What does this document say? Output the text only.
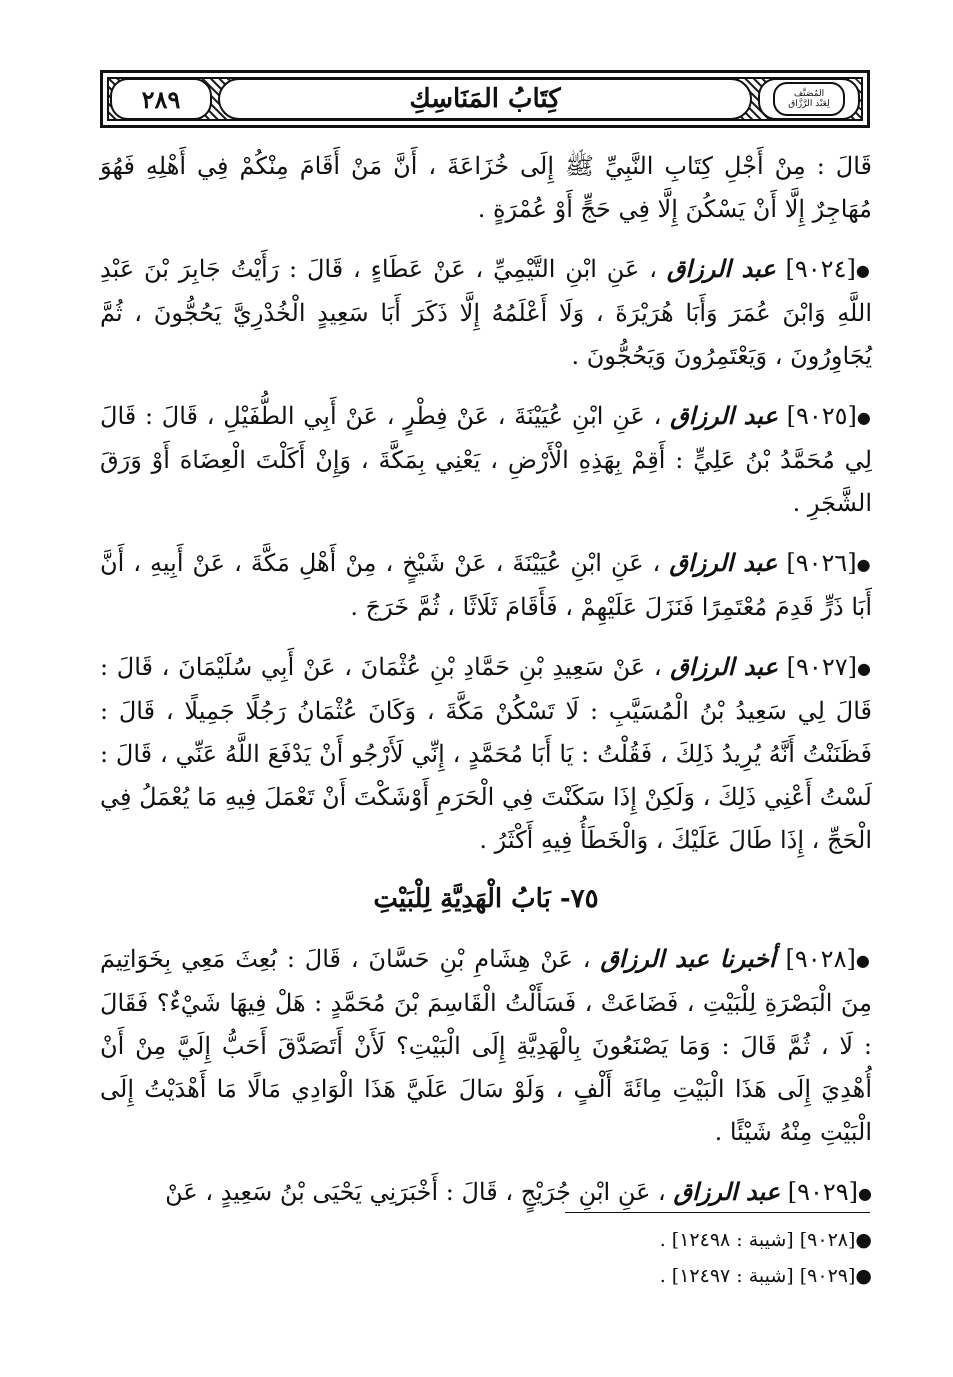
كِتَابُ المَنَاسِكِ
٢٨٩	المُصَنَّف
لِعَبْد الرَّزَّاق

قَالَ : مِنْ أَجْلِ كِتَابِ النَّبِيِّ ﷺ إِلَى خُزَاعَةَ ، أَنَّ مَنْ أَقَامَ مِنْكُمْ فِي أَهْلِهِ فَهُوَ مُهَاجِرٌ إِلَّا أَنْ يَسْكُنَ إِلَّا فِي حَجٍّ أَوْ عُمْرَةٍ .

●[٩٠٢٤] عبد الرزاق ، عَنِ ابْنِ التَّيْمِيِّ ، عَنْ عَطَاءٍ ، قَالَ : رَأَيْتُ جَابِرَ بْنَ عَبْدِ اللَّهِ وَابْنَ عُمَرَ وَأَبَا هُرَيْرَةَ ، وَلَا أَعْلَمُهُ إِلَّا ذَكَرَ أَبَا سَعِيدٍ الْخُدْرِيَّ يَحُجُّونَ ، ثُمَّ يُجَاوِرُونَ ، وَيَعْتَمِرُونَ وَيَحُجُّونَ .

●[٩٠٢٥] عبد الرزاق ، عَنِ ابْنِ عُيَيْنَةَ ، عَنْ فِطْرٍ ، عَنْ أَبِي الطُّفَيْلِ ، قَالَ : قَالَ لِي مُحَمَّدُ بْنُ عَلِيٍّ : أَقِمْ بِهَذِهِ الْأَرْضِ ، يَعْنِي بِمَكَّةَ ، وَإِنْ أَكَلْتَ الْعِضَاهَ أَوْ وَرَقَ الشَّجَرِ .

●[٩٠٢٦] عبد الرزاق ، عَنِ ابْنِ عُيَيْنَةَ ، عَنْ شَيْخٍ ، مِنْ أَهْلِ مَكَّةَ ، عَنْ أَبِيهِ ، أَنَّ أَبَا ذَرٍّ قَدِمَ مُعْتَمِرًا فَنَزَلَ عَلَيْهِمْ ، فَأَقَامَ ثَلَاثًا ، ثُمَّ خَرَجَ .

●[٩٠٢٧] عبد الرزاق ، عَنْ سَعِيدِ بْنِ حَمَّادِ بْنِ عُثْمَانَ ، عَنْ أَبِي سُلَيْمَانَ ، قَالَ : قَالَ لِي سَعِيدُ بْنُ الْمُسَيَّبِ : لَا تَسْكُنْ مَكَّةَ ، وَكَانَ عُثْمَانُ رَجُلًا جَمِيلًا ، قَالَ : فَظَنَنْتُ أَنَّهُ يُرِيدُ ذَلِكَ ، فَقُلْتُ : يَا أَبَا مُحَمَّدٍ ، إِنِّي لَأَرْجُو أَنْ يَدْفَعَ اللَّهُ عَنِّي ، قَالَ : لَسْتُ أَعْنِي ذَلِكَ ، وَلَكِنْ إِذَا سَكَنْتَ فِي الْحَرَمِ أَوْشَكْتَ أَنْ تَعْمَلَ فِيهِ مَا يُعْمَلُ فِي الْحَجِّ ، إِذَا طَالَ عَلَيْكَ ، وَالْخَطَأُ فِيهِ أَكْثَرُ .

٧٥- بَابُ الْهَدِيَّةِ لِلْبَيْتِ

●[٩٠٢٨] أخبرنا عبد الرزاق ، عَنْ هِشَامِ بْنِ حَسَّانَ ، قَالَ : بُعِثَ مَعِي بِخَوَاتِيمَ مِنَ الْبَصْرَةِ لِلْبَيْتِ ، فَضَاعَتْ ، فَسَأَلْتُ الْقَاسِمَ بْنَ مُحَمَّدٍ : هَلْ فِيهَا شَيْءٌ؟ فَقَالَ : لَا ، ثُمَّ قَالَ : وَمَا يَصْنَعُونَ بِالْهَدِيَّةِ إِلَى الْبَيْتِ؟ لَأَنْ أَتَصَدَّقَ أَحَبُّ إِلَيَّ مِنْ أَنْ أُهْدِيَ إِلَى هَذَا الْبَيْتِ مِائَةَ أَلْفٍ ، وَلَوْ سَالَ عَلَيَّ هَذَا الْوَادِي مَالًا مَا أَهْدَيْتُ إِلَى الْبَيْتِ مِنْهُ شَيْئًا .

●[٩٠٢٩] عبد الرزاق ، عَنِ ابْنِ جُرَيْجٍ ، قَالَ : أَخْبَرَنِي يَحْيَى بْنُ سَعِيدٍ ، عَنْ

●[٩٠٢٨] [شيبة : ١٢٤٩٨] .
●[٩٠٢٩] [شيبة : ١٢٤٩٧] .
